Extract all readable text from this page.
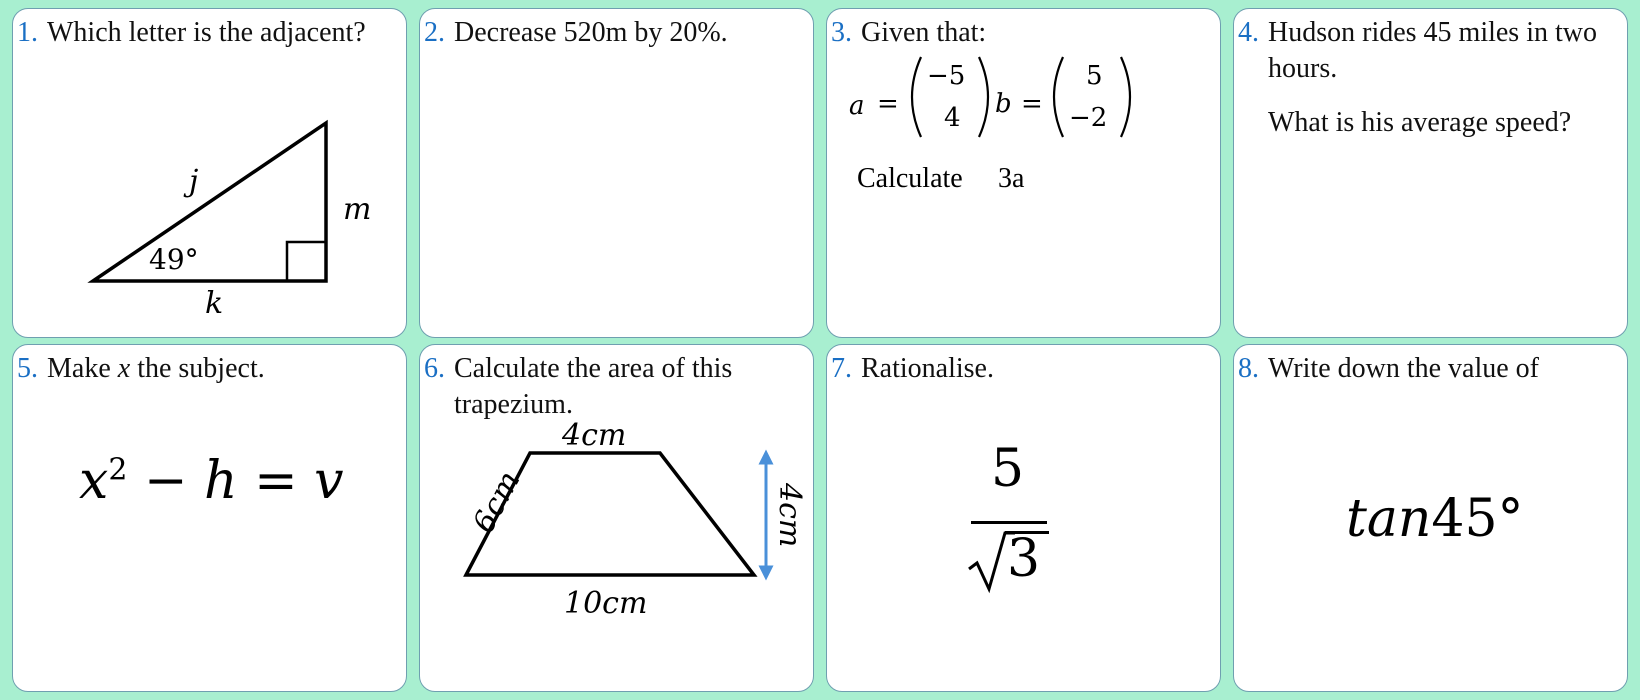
1. Which letter is the adjacent?
j
m
k
49°
2. Decrease 520m by 20%.	3. Given that:
a =
−5
4 b =
5
−2
Calculate 3a
4. Hudson rides 45 miles in two hours.
What is his average speed?
5. Make x the subject.
$x^2 - h = v$
6. Calculate the area of this trapezium.
4cm
10cm
6cm	4cm
7. Rationalise.
5
3
8. Write down the value of
tan45°
